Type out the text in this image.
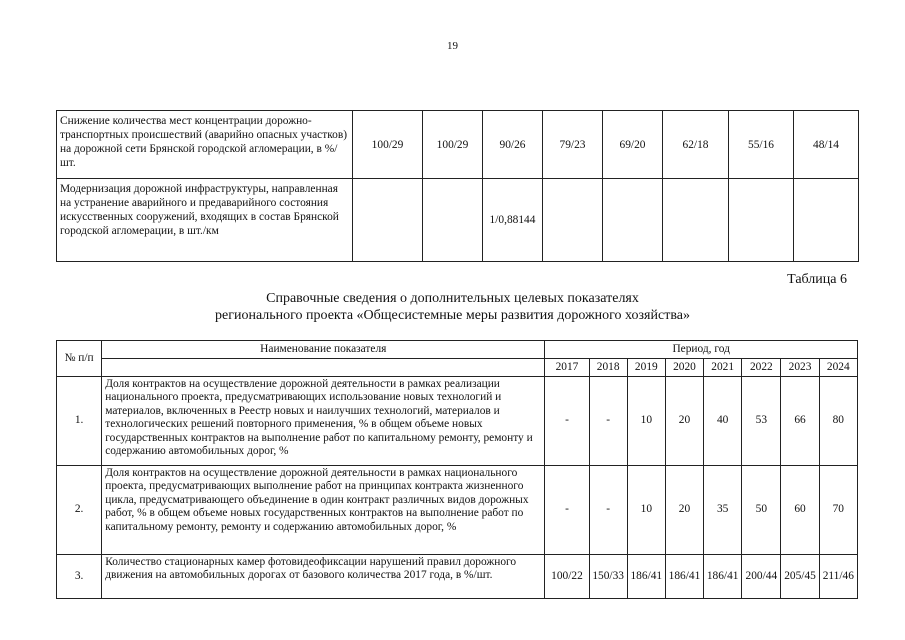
19
Снижение количества мест концентрации дорожно-транспортных происшествий (аварийно опасных участков) на дорожной сети Брянской городской агломерации, в %/шт.	100/29	100/29	90/26	79/23	69/20	62/18	55/16	48/14
Модернизация дорожной инфраструктуры, направленная на устранение аварийного и предаварийного состояния искусственных сооружений, входящих в состав Брянской городской агломерации, в шт./км			1/0,88144					
Таблица 6
Справочные сведения о дополнительных целевых показателях
регионального проекта «Общесистемные меры развития дорожного хозяйства»
№ п/п	Наименование показателя	Период, год							
		2017	2018	2019	2020	2021	2022	2023	2024
1.	Доля контрактов на осуществление дорожной деятельности в рамках реализации национального проекта, предусматривающих использование новых технологий и материалов, включенных в Реестр новых и наилучших технологий, материалов и технологических решений повторного применения, % в общем объеме новых государственных контрактов на выполнение работ по капитальному ремонту, ремонту и содержанию автомобильных дорог, %	-	-	10	20	40	53	66	80
2.	Доля контрактов на осуществление дорожной деятельности в рамках национального проекта, предусматривающих выполнение работ на принципах контракта жизненного цикла, предусматривающего объединение в один контракт различных видов дорожных работ, % в общем объеме новых государственных контрактов на выполнение работ по капитальному ремонту, ремонту и содержанию автомобильных дорог, %	-	-	10	20	35	50	60	70
3.	Количество стационарных камер фотовидеофиксации нарушений правил дорожного движения на автомобильных дорогах от базового количества 2017 года, в %/шт.	100/22	150/33	186/41	186/41	186/41	200/44	205/45	211/46
